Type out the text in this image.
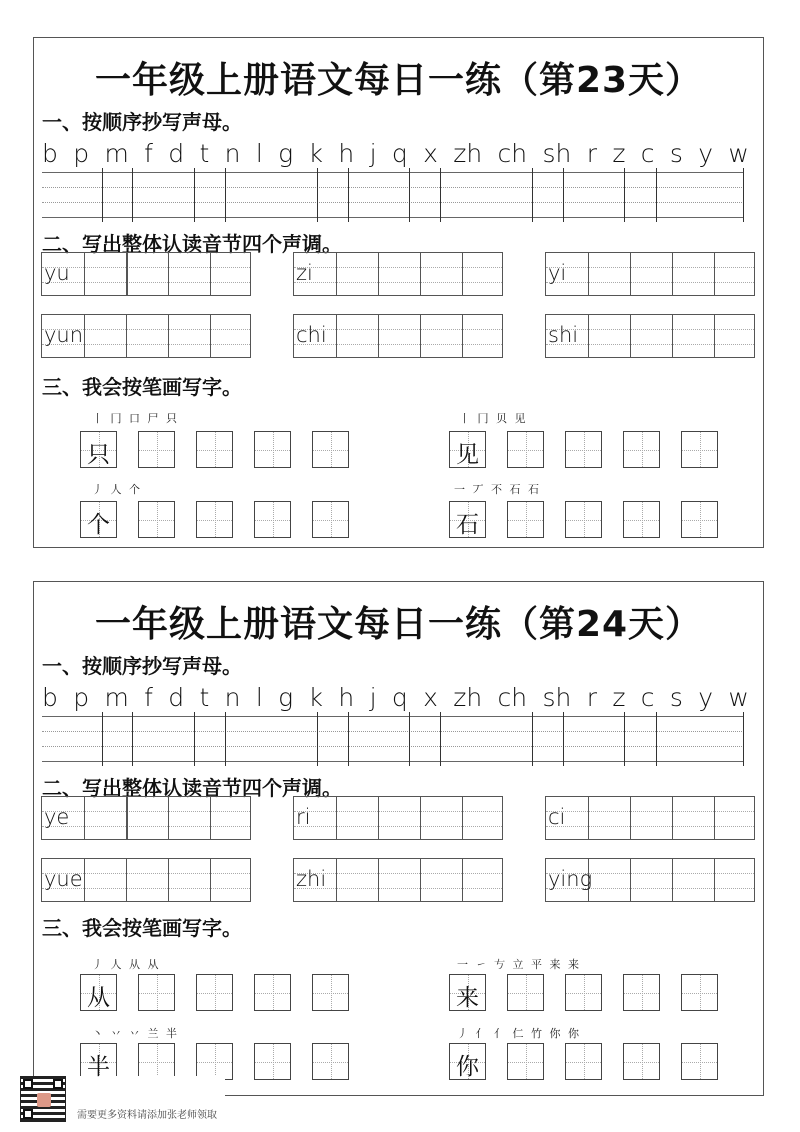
一年级上册语文每日一练（第23天）
一、按顺序抄写声母。
b p m f d t n l g k h j q x zh ch sh r z c s y w
二、写出整体认读音节四个声调。
yu	zi	yi
yun	chi	shi
三、我会按笔画写字。
丨 冂 口 尸 只
只
丨 冂 贝 见
见
丿 人 个
个
一 丆 不 石 石
石
一年级上册语文每日一练（第24天）
一、按顺序抄写声母。
b p m f d t n l g k h j q x zh ch sh r z c s y w
二、写出整体认读音节四个声调。
ye	ri	ci
yue	zhi	ying
三、我会按笔画写字。
丿 人 从 从
从
一 ㇀ 𠀁 立 平 来 来
来
丶 丷 丷 兰 半
半
丿 亻 亻 仁 竹 你 你
你
需要更多资料请添加张老师领取
